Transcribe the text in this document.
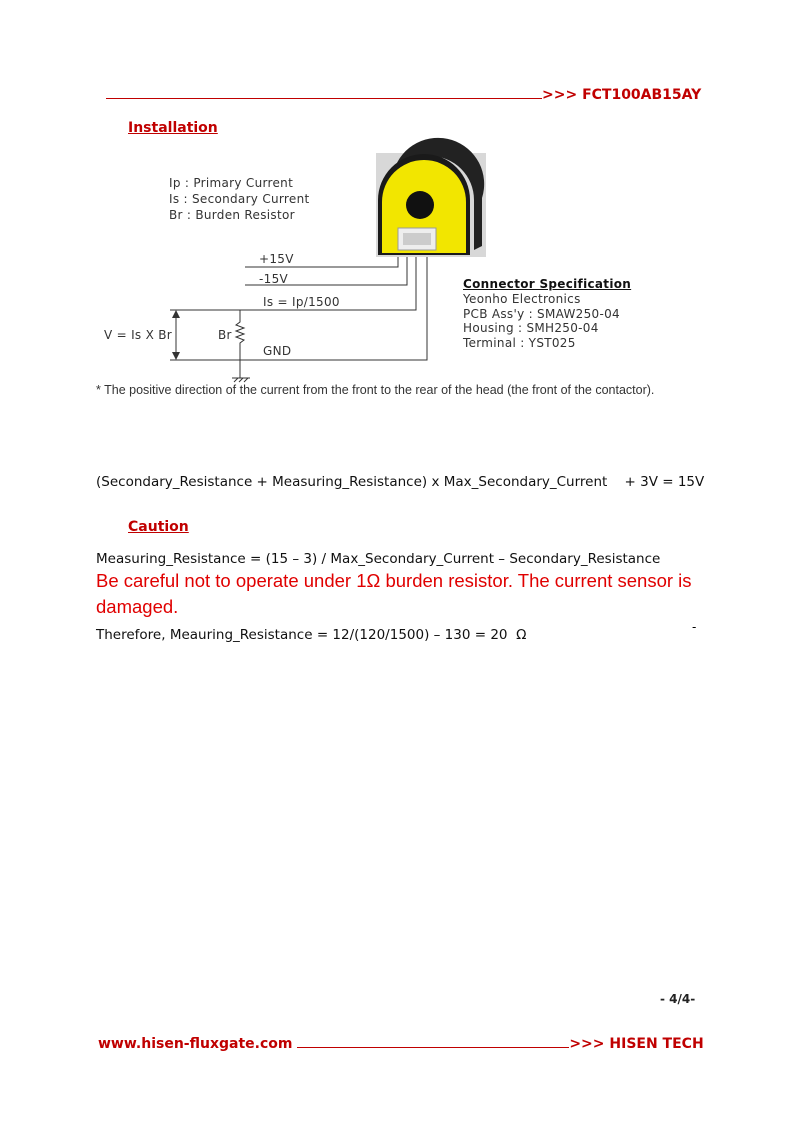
>>> FCT100AB15AY
Installation
Ip : Primary Current
Is : Secondary Current
Br : Burden Resistor
+15V
-15V
Is = Ip/1500
GND
Br
V = Is X Br
Connector Specification
Yeonho Electronics
PCB Ass'y : SMAW250-04
Housing : SMH250-04
Terminal : YST025
* The positive direction of the current from the front to the rear of the head (the front of the contactor).

(Secondary_Resistance + Measuring_Resistance) x Max_Secondary_Current    + 3V = 15V

Measuring_Resistance = (15 – 3) / Max_Secondary_Current – Secondary_Resistance

Therefore, Meauring_Resistance = 12/(120/1500) – 130 = 20  Ω

Caution
Be careful not to operate under 1Ω burden resistor. The current sensor is damaged.
-
- 4/4-
www.hisen-fluxgate.com	>>> HISEN TECH
